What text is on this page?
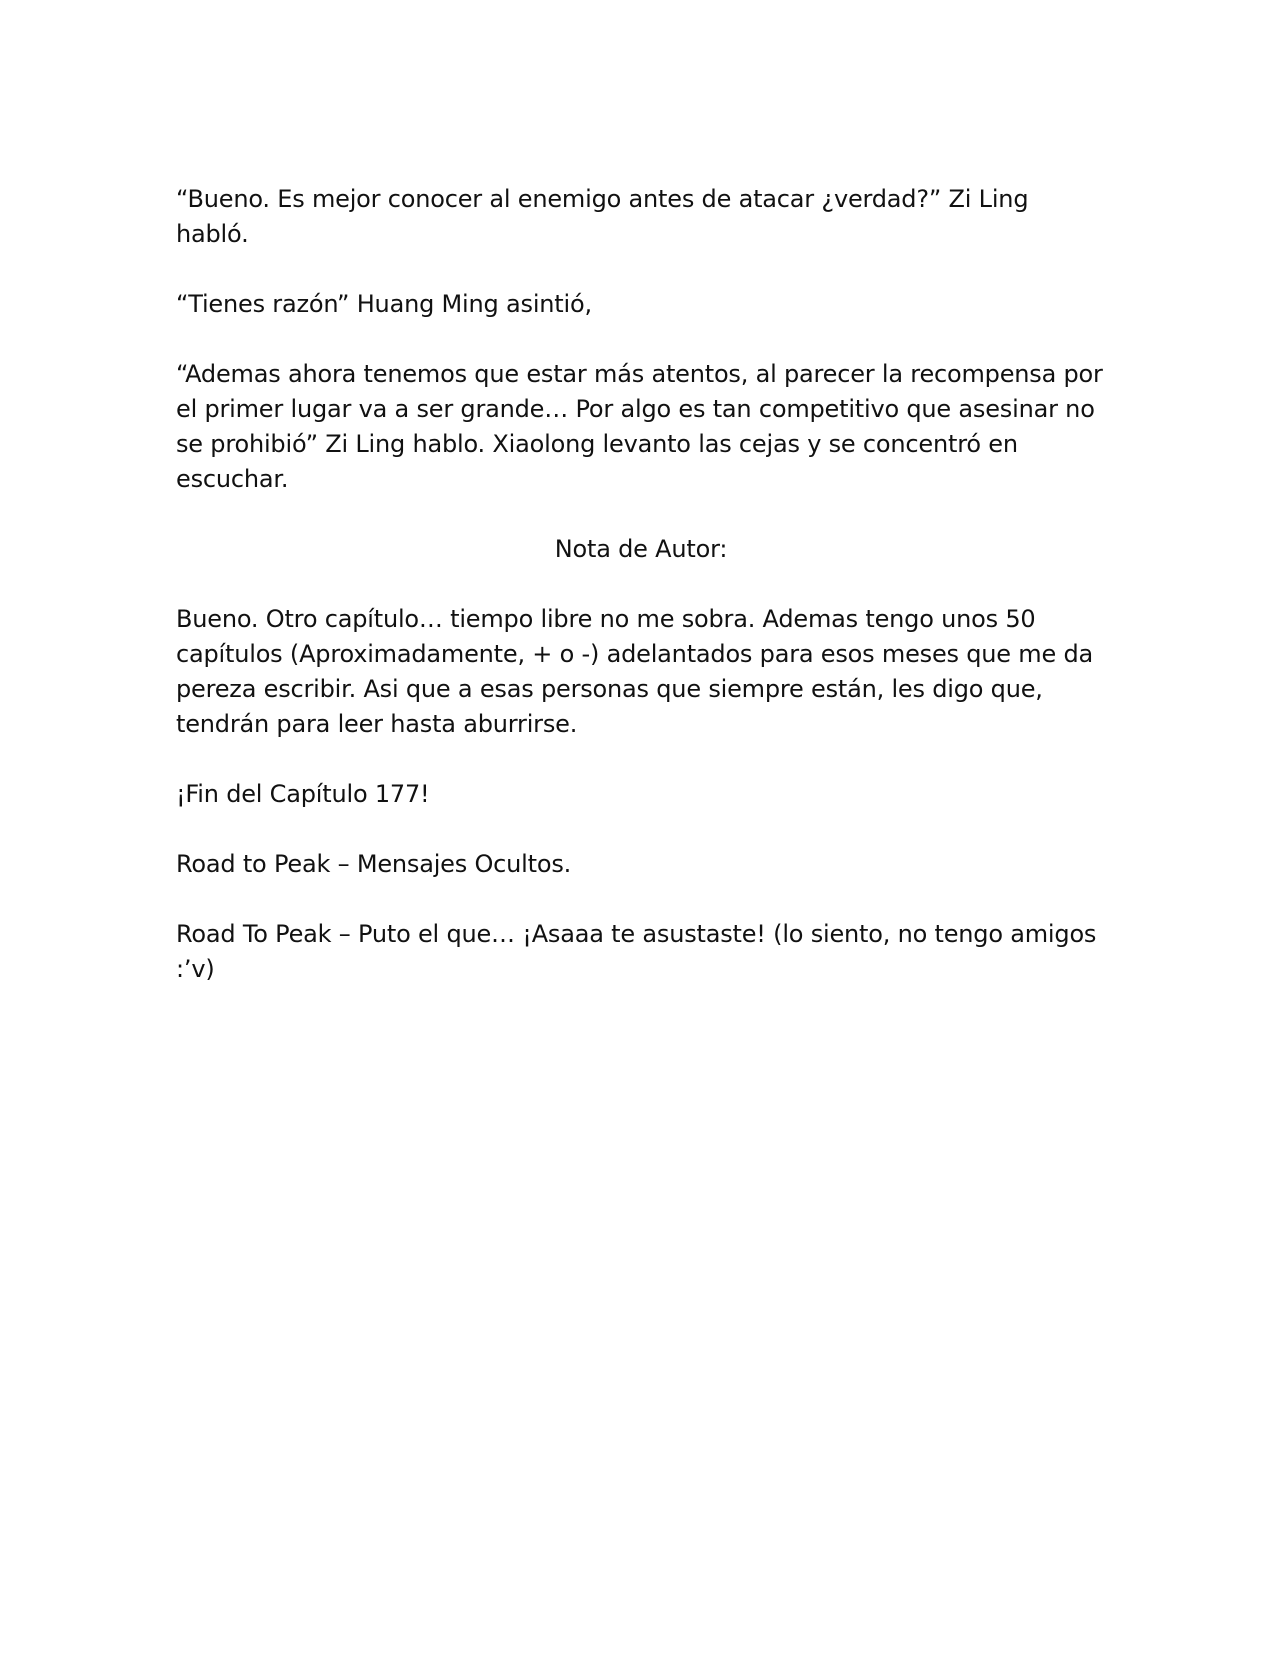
“Bueno. Es mejor conocer al enemigo antes de atacar ¿verdad?” Zi Ling habló.

“Tienes razón” Huang Ming asintió,

“Ademas ahora tenemos que estar más atentos, al parecer la recompensa por el primer lugar va a ser grande… Por algo es tan competitivo que asesinar no se prohibió” Zi Ling hablo. Xiaolong levanto las cejas y se concentró en escuchar.

Nota de Autor:

Bueno. Otro capítulo… tiempo libre no me sobra. Ademas tengo unos 50 capítulos (Aproximadamente, + o -) adelantados para esos meses que me da pereza escribir. Asi que a esas personas que siempre están, les digo que, tendrán para leer hasta aburrirse.

¡Fin del Capítulo 177!

Road to Peak – Mensajes Ocultos.

Road To Peak – Puto el que… ¡Asaaa te asustaste! (lo siento, no tengo amigos :’v)
